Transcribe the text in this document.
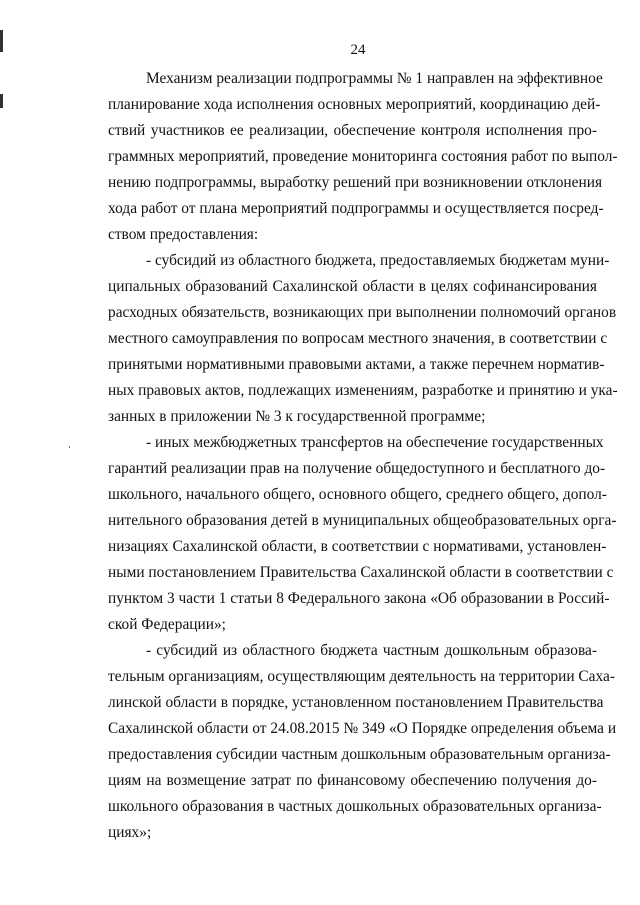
24
Механизм реализации подпрограммы № 1 направлен на эффективное
планирование хода исполнения основных мероприятий, координацию дей-
ствий участников ее реализации, обеспечение контроля исполнения про-
граммных мероприятий, проведение мониторинга состояния работ по выпол-
нению подпрограммы, выработку решений при возникновении отклонения
хода работ от плана мероприятий подпрограммы и осуществляется посред-
ством предоставления:
- субсидий из областного бюджета, предоставляемых бюджетам муни-
ципальных образований Сахалинской области в целях софинансирования
расходных обязательств, возникающих при выполнении полномочий органов
местного самоуправления по вопросам местного значения, в соответствии с
принятыми нормативными правовыми актами, а также перечнем норматив-
ных правовых актов, подлежащих изменениям, разработке и принятию и ука-
занных в приложении № 3 к государственной программе;
- иных межбюджетных трансфертов на обеспечение государственных
гарантий реализации прав на получение общедоступного и бесплатного до-
школьного, начального общего, основного общего, среднего общего, допол-
нительного образования детей в муниципальных общеобразовательных орга-
низациях Сахалинской области, в соответствии с нормативами, установлен-
ными постановлением Правительства Сахалинской области в соответствии с
пунктом 3 части 1 статьи 8 Федерального закона «Об образовании в Россий-
ской Федерации»;
- субсидий из областного бюджета частным дошкольным образова-
тельным организациям, осуществляющим деятельность на территории Саха-
линской области в порядке, установленном постановлением Правительства
Сахалинской области от 24.08.2015 № 349 «О Порядке определения объема и
предоставления субсидии частным дошкольным образовательным организа-
циям на возмещение затрат по финансовому обеспечению получения до-
школьного образования в частных дошкольных образовательных организа-
циях»;
